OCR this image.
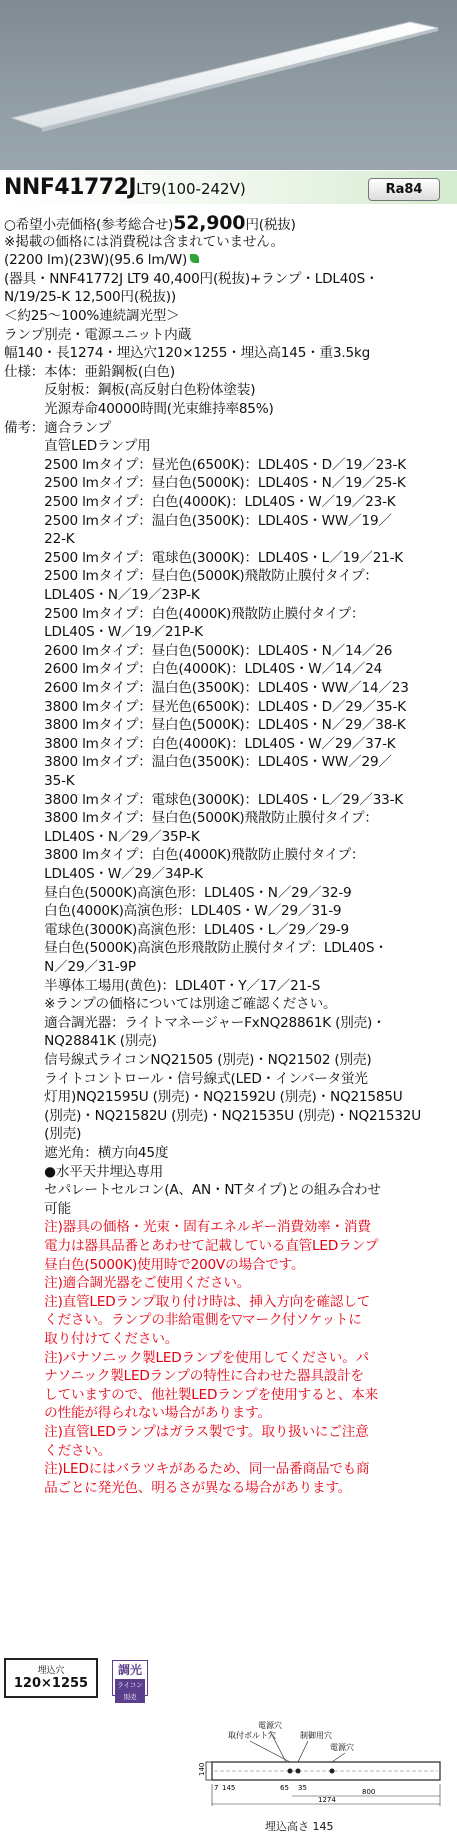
NNF41772JLT9(100-242V)	Ra84
○希望小売価格(参考総合せ)52,900円(税抜)
※掲載の価格には消費税は含まれていません。
(2200 lm)(23W)(95.6 lm/W)
(器具・NNF41772J LT9 40,400円(税抜)+ランプ・LDL40S・
N/19/25-K 12,500円(税抜))
＜約25～100%連続調光型＞
ランプ別売・電源ユニット内蔵
幅140・長1274・埋込穴120×1255・埋込高145・重3.5kg
仕様：本体：亜鉛鋼板(白色)
　　　反射板：鋼板(高反射白色粉体塗装)
　　　光源寿命40000時間(光束維持率85%)
備考：適合ランプ
　　　直管LEDランプ用
　　　2500 lmタイプ：昼光色(6500K)：LDL40S・D／19／23-K
　　　2500 lmタイプ：昼白色(5000K)：LDL40S・N／19／25-K
　　　2500 lmタイプ：白色(4000K)：LDL40S・W／19／23-K
　　　2500 lmタイプ：温白色(3500K)：LDL40S・WW／19／
　　　22-K
　　　2500 lmタイプ：電球色(3000K)：LDL40S・L／19／21-K
　　　2500 lmタイプ：昼白色(5000K)飛散防止膜付タイプ：
　　　LDL40S・N／19／23P-K
　　　2500 lmタイプ：白色(4000K)飛散防止膜付タイプ：
　　　LDL40S・W／19／21P-K
　　　2600 lmタイプ：昼白色(5000K)：LDL40S・N／14／26
　　　2600 lmタイプ：白色(4000K)：LDL40S・W／14／24
　　　2600 lmタイプ：温白色(3500K)：LDL40S・WW／14／23
　　　3800 lmタイプ：昼光色(6500K)：LDL40S・D／29／35-K
　　　3800 lmタイプ：昼白色(5000K)：LDL40S・N／29／38-K
　　　3800 lmタイプ：白色(4000K)：LDL40S・W／29／37-K
　　　3800 lmタイプ：温白色(3500K)：LDL40S・WW／29／
　　　35-K
　　　3800 lmタイプ：電球色(3000K)：LDL40S・L／29／33-K
　　　3800 lmタイプ：昼白色(5000K)飛散防止膜付タイプ：
　　　LDL40S・N／29／35P-K
　　　3800 lmタイプ：白色(4000K)飛散防止膜付タイプ：
　　　LDL40S・W／29／34P-K
　　　昼白色(5000K)高演色形：LDL40S・N／29／32-9
　　　白色(4000K)高演色形：LDL40S・W／29／31-9
　　　電球色(3000K)高演色形：LDL40S・L／29／29-9
　　　昼白色(5000K)高演色形飛散防止膜付タイプ：LDL40S・
　　　N／29／31-9P
　　　半導体工場用(黄色)：LDL40T・Y／17／21-S
　　　※ランプの価格については別途ご確認ください。
　　　適合調光器：ライトマネージャーFxNQ28861K (別売)・
　　　NQ28841K (別売)
　　　信号線式ライコンNQ21505 (別売)・NQ21502 (別売)
　　　ライトコントロール・信号線式(LED・インバータ蛍光
　　　灯用)NQ21595U (別売)・NQ21592U (別売)・NQ21585U
　　　(別売)・NQ21582U (別売)・NQ21535U (別売)・NQ21532U
　　　(別売)
　　　遮光角：横方向45度
　　　●水平天井埋込専用
　　　セパレートセルコン(A、AN・NTタイプ)との組み合わせ
　　　可能
　　　注)器具の価格・光束・固有エネルギー消費効率・消費
　　　電力は器具品番とあわせて記載している直管LEDランプ
　　　昼白色(5000K)使用時で200Vの場合です。
　　　注)適合調光器をご使用ください。
　　　注)直管LEDランプ取り付け時は、挿入方向を確認して
　　　ください。ランプの非給電側を▽マーク付ソケットに
　　　取り付けてください。
　　　注)パナソニック製LEDランプを使用してください。パ
　　　ナソニック製LEDランプの特性に合わせた器具設計を
　　　していますので、他社製LEDランプを使用すると、本来
　　　の性能が得られない場合があります。
　　　注)直管LEDランプはガラス製です。取り扱いにご注意
　　　ください。
　　　注)LEDにはバラツキがあるため、同一品番商品でも商
　　　品ごとに発光色、明るさが異なる場合があります。
埋込穴
120×1255
調光
ライコン別売
電源穴
取付ボルト穴	制御用穴
電源穴
140
7 145	65 35	800
1274
埋込高さ 145
